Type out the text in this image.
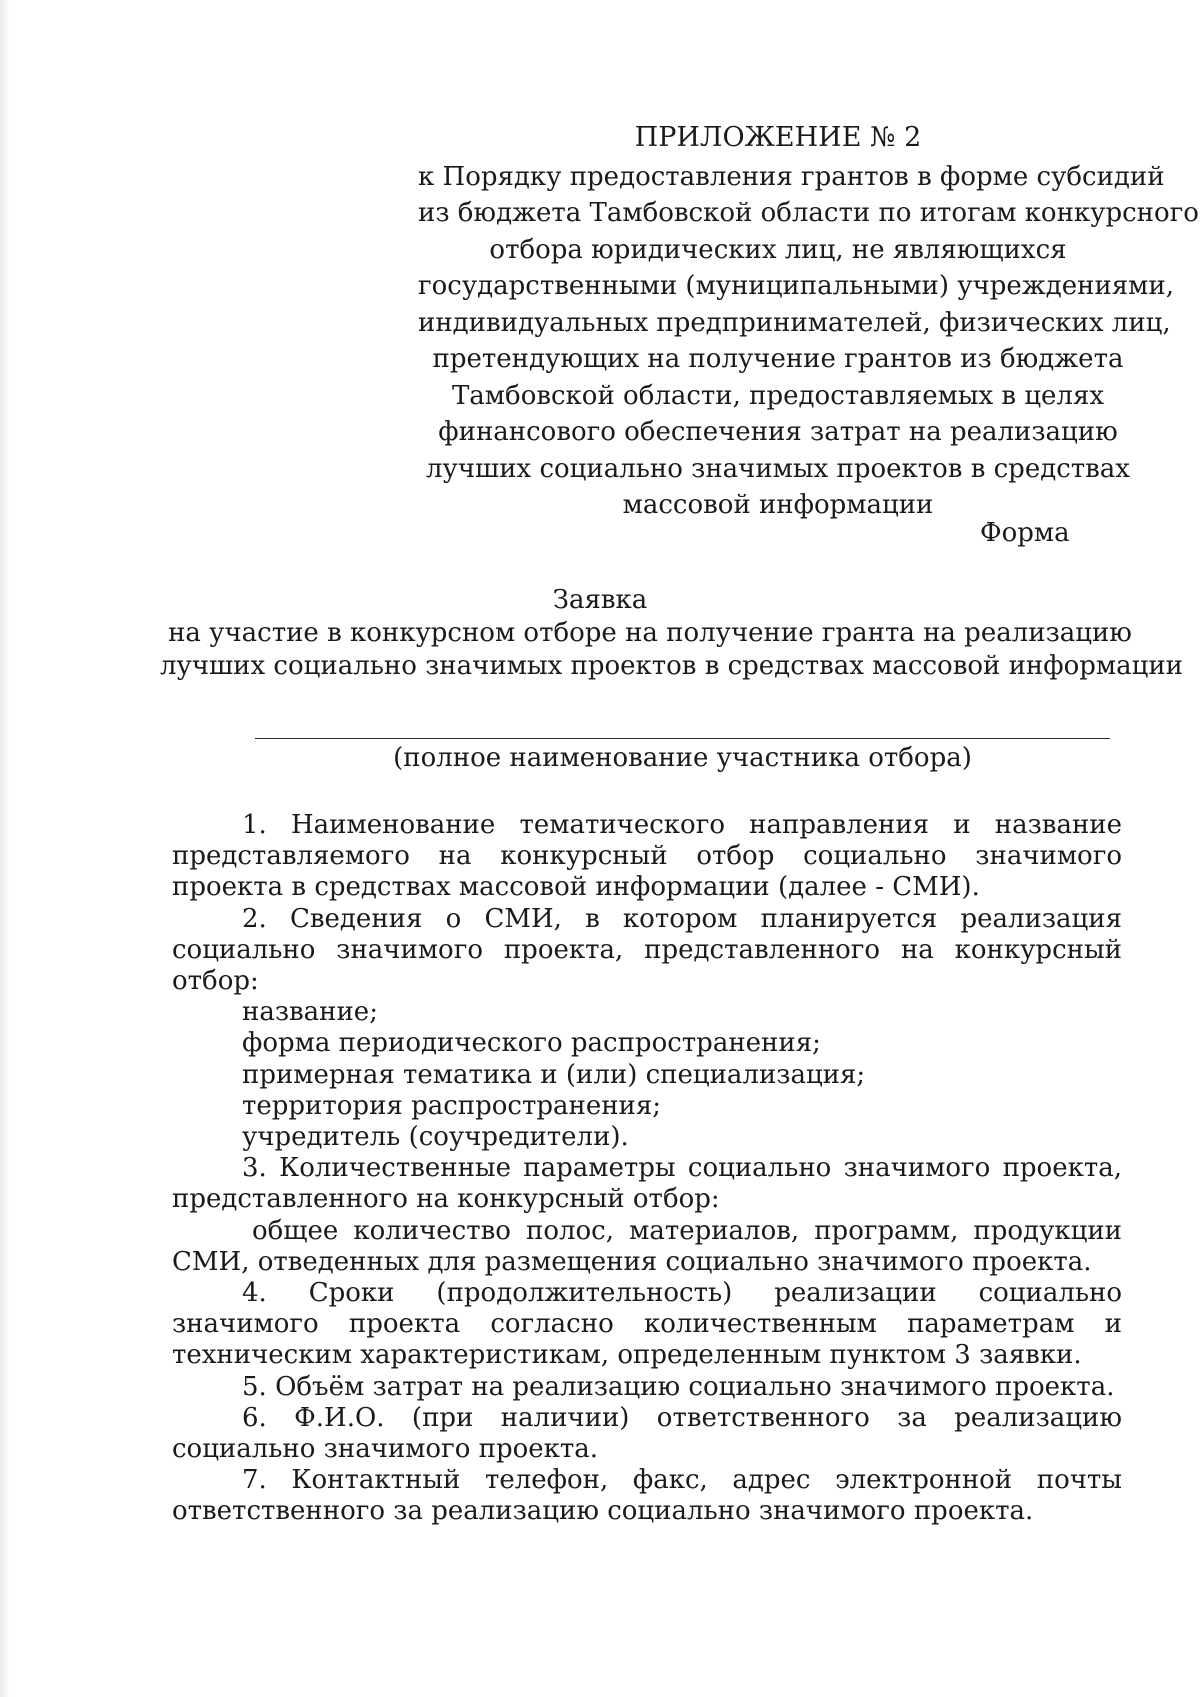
ПРИЛОЖЕНИЕ № 2
к Порядку предоставления грантов в форме субсидий
из бюджета Тамбовской области по итогам конкурсного
отбора юридических лиц, не являющихся
государственными (муниципальными) учреждениями,
индивидуальных предпринимателей, физических лиц,
претендующих на получение грантов из бюджета
Тамбовской области, предоставляемых в целях
финансового обеспечения затрат на реализацию
лучших социально значимых проектов в средствах
массовой информации
Форма
Заявка
на участие в конкурсном отборе на получение гранта на реализацию
лучших социально значимых проектов в средствах массовой информации
(полное наименование участника отбора)

1. Наименование тематического направления и название представляемого на конкурсный отбор социально значимого проекта в средствах массовой информации (далее - СМИ).

2. Сведения о СМИ, в котором планируется реализация социально значимого проекта, представленного на конкурсный отбор:

название;
форма периодического распространения;
примерная тематика и (или) специализация;
территория распространения;
учредитель (соучредители).

3. Количественные параметры социально значимого проекта, представленного на конкурсный отбор:

общее количество полос, материалов, программ, продукции СМИ, отведенных для размещения социально значимого проекта.

4. Сроки (продолжительность) реализации социально значимого проекта согласно количественным параметрам и техническим характеристикам, определенным пунктом 3 заявки.

5. Объём затрат на реализацию социально значимого проекта.

6. Ф.И.О. (при наличии) ответственного за реализацию социально значимого проекта.

7. Контактный телефон, факс, адрес электронной почты ответственного за реализацию социально значимого проекта.
